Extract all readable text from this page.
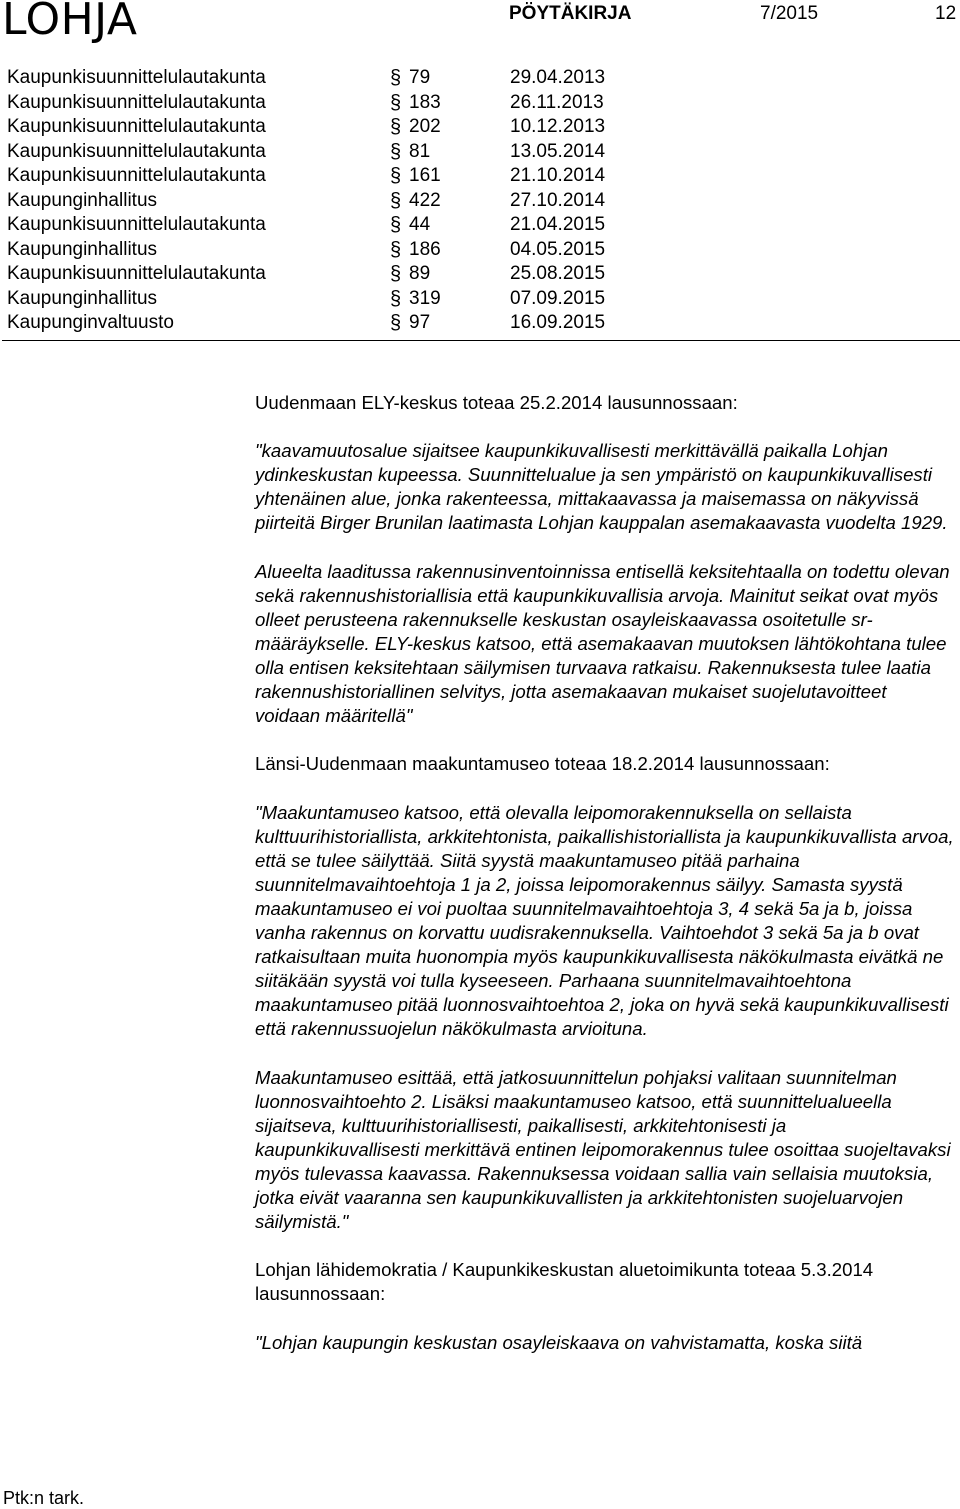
LOHJA	PÖYTÄKIRJA	7/2015	12
Kaupunkisuunnittelulautakunta	§ 79	29.04.2013
Kaupunkisuunnittelulautakunta	§ 183	26.11.2013
Kaupunkisuunnittelulautakunta	§ 202	10.12.2013
Kaupunkisuunnittelulautakunta	§ 81	13.05.2014
Kaupunkisuunnittelulautakunta	§ 161	21.10.2014
Kaupunginhallitus	§ 422	27.10.2014
Kaupunkisuunnittelulautakunta	§ 44	21.04.2015
Kaupunginhallitus	§ 186	04.05.2015
Kaupunkisuunnittelulautakunta	§ 89	25.08.2015
Kaupunginhallitus	§ 319	07.09.2015
Kaupunginvaltuusto	§ 97	16.09.2015

Uudenmaan ELY-keskus toteaa 25.2.2014 lausunnossaan:

"kaavamuutosalue sijaitsee kaupunkikuvallisesti merkittävällä paikalla Lohjan ydinkeskustan kupeessa. Suunnittelualue ja sen ympäristö on kaupunkikuvallisesti yhtenäinen alue, jonka rakenteessa, mittakaavassa ja maisemassa on näkyvissä piirteitä Birger Brunilan laatimasta Lohjan kauppalan asemakaavasta vuodelta 1929.

Alueelta laaditussa rakennusinventoinnissa entisellä keksitehtaalla on todettu olevan sekä rakennushistoriallisia että kaupunkikuvallisia arvoja. Mainitut seikat ovat myös olleet perusteena rakennukselle keskustan osayleiskaavassa osoitetulle sr-määräykselle. ELY-keskus katsoo, että asemakaavan muutoksen lähtökohtana tulee olla entisen keksitehtaan säilymisen turvaava ratkaisu. Rakennuksesta tulee laatia rakennushistoriallinen selvitys, jotta asemakaavan mukaiset suojelutavoitteet voidaan määritellä"

Länsi-Uudenmaan maakuntamuseo toteaa 18.2.2014 lausunnossaan:

"Maakuntamuseo katsoo, että olevalla leipomorakennuksella on sellaista kulttuurihistoriallista, arkkitehtonista, paikallishistoriallista ja kaupunkikuvallista arvoa, että se tulee säilyttää. Siitä syystä maakuntamuseo pitää parhaina suunnitelmavaihtoehtoja 1 ja 2, joissa leipomorakennus säilyy. Samasta syystä maakuntamuseo ei voi puoltaa suunnitelmavaihtoehtoja 3, 4 sekä 5a ja b, joissa vanha rakennus on korvattu uudisrakennuksella. Vaihtoehdot 3 sekä 5a ja b ovat ratkaisultaan muita huonompia myös kaupunkikuvallisesta näkökulmasta eivätkä ne siitäkään syystä voi tulla kyseeseen. Parhaana suunnitelmavaihtoehtona maakuntamuseo pitää luonnosvaihtoehtoa 2, joka on hyvä sekä kaupunkikuvallisesti että rakennussuojelun näkökulmasta arvioituna.

Maakuntamuseo esittää, että jatkosuunnittelun pohjaksi valitaan suunnitelman luonnosvaihtoehto 2. Lisäksi maakuntamuseo katsoo, että suunnittelualueella sijaitseva, kulttuurihistoriallisesti, paikallisesti, arkkitehtonisesti ja kaupunkikuvallisesti merkittävä entinen leipomorakennus tulee osoittaa suojeltavaksi myös tulevassa kaavassa. Rakennuksessa voidaan sallia vain sellaisia muutoksia, jotka eivät vaaranna sen kaupunkikuvallisten ja arkkitehtonisten suojeluarvojen säilymistä."

Lohjan lähidemokratia / Kaupunkikeskustan aluetoimikunta toteaa 5.3.2014 lausunnossaan:

"Lohjan kaupungin keskustan osayleiskaava on vahvistamatta, koska siitä

Ptk:n tark.
